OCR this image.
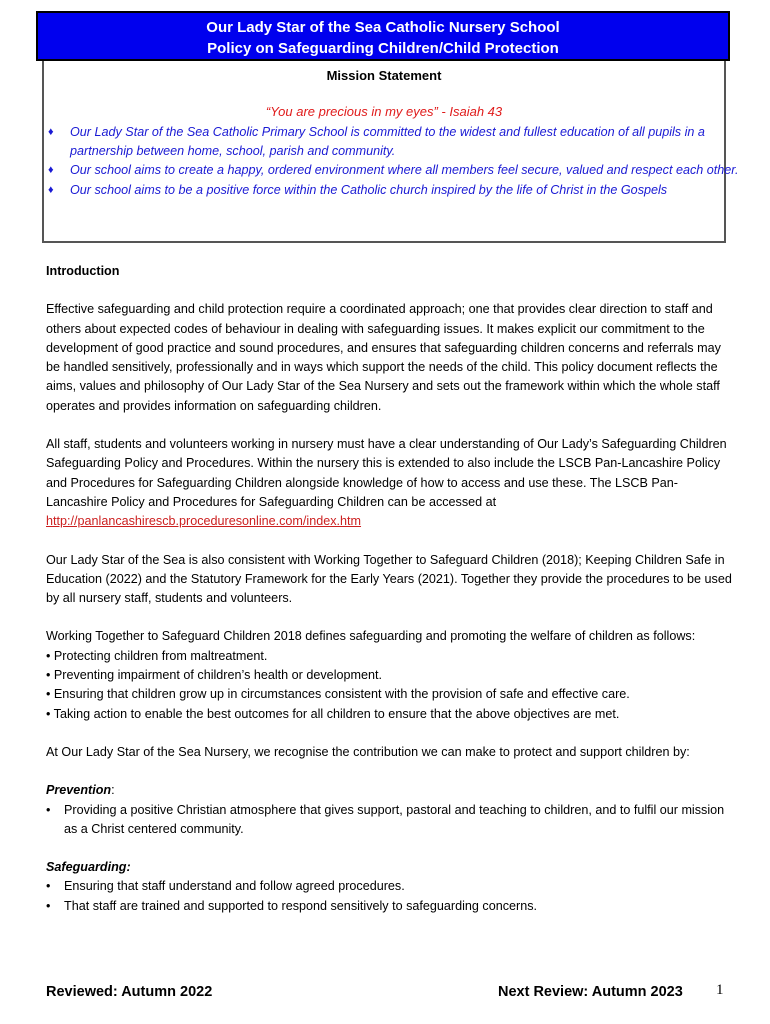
Our Lady Star of the Sea Catholic Nursery School
Policy on Safeguarding Children/Child Protection
Mission Statement
“You are precious in my eyes” - Isaiah 43
♦ Our Lady Star of the Sea Catholic Primary School is committed to the widest and fullest education of all pupils in a partnership between home, school, parish and community.
♦ Our school aims to create a happy, ordered environment where all members feel secure, valued and respect each other.
♦ Our school aims to be a positive force within the Catholic church inspired by the life of Christ in the Gospels

Introduction

Effective safeguarding and child protection require a coordinated approach; one that provides clear direction to staff and others about expected codes of behaviour in dealing with safeguarding issues. It makes explicit our commitment to the development of good practice and sound procedures, and ensures that safeguarding children concerns and referrals may be handled sensitively, professionally and in ways which support the needs of the child. This policy document reflects the aims, values and philosophy of Our Lady Star of the Sea Nursery and sets out the framework within which the whole staff operates and provides information on safeguarding children.

All staff, students and volunteers working in nursery must have a clear understanding of Our Lady’s Safeguarding Children Safeguarding Policy and Procedures. Within the nursery this is extended to also include the LSCB Pan-Lancashire Policy and Procedures for Safeguarding Children alongside knowledge of how to access and use these. The LSCB Pan-Lancashire Policy and Procedures for Safeguarding Children can be accessed at http://panlancashirescb.proceduresonline.com/index.htm

Our Lady Star of the Sea is also consistent with Working Together to Safeguard Children (2018); Keeping Children Safe in Education (2022) and the Statutory Framework for the Early Years (2021). Together they provide the procedures to be used by all nursery staff, students and volunteers.

Working Together to Safeguard Children 2018 defines safeguarding and promoting the welfare of children as follows:

• Protecting children from maltreatment.
• Preventing impairment of children’s health or development.
• Ensuring that children grow up in circumstances consistent with the provision of safe and effective care.
• Taking action to enable the best outcomes for all children to ensure that the above objectives are met.

At Our Lady Star of the Sea Nursery, we recognise the contribution we can make to protect and support children by:

Prevention:

• Providing a positive Christian atmosphere that gives support, pastoral and teaching to children, and to fulfil our mission as a Christ centered community.

Safeguarding:

• Ensuring that staff understand and follow agreed procedures.
• That staff are trained and supported to respond sensitively to safeguarding concerns.
Reviewed: Autumn 2022	Next Review: Autumn 2023 1
